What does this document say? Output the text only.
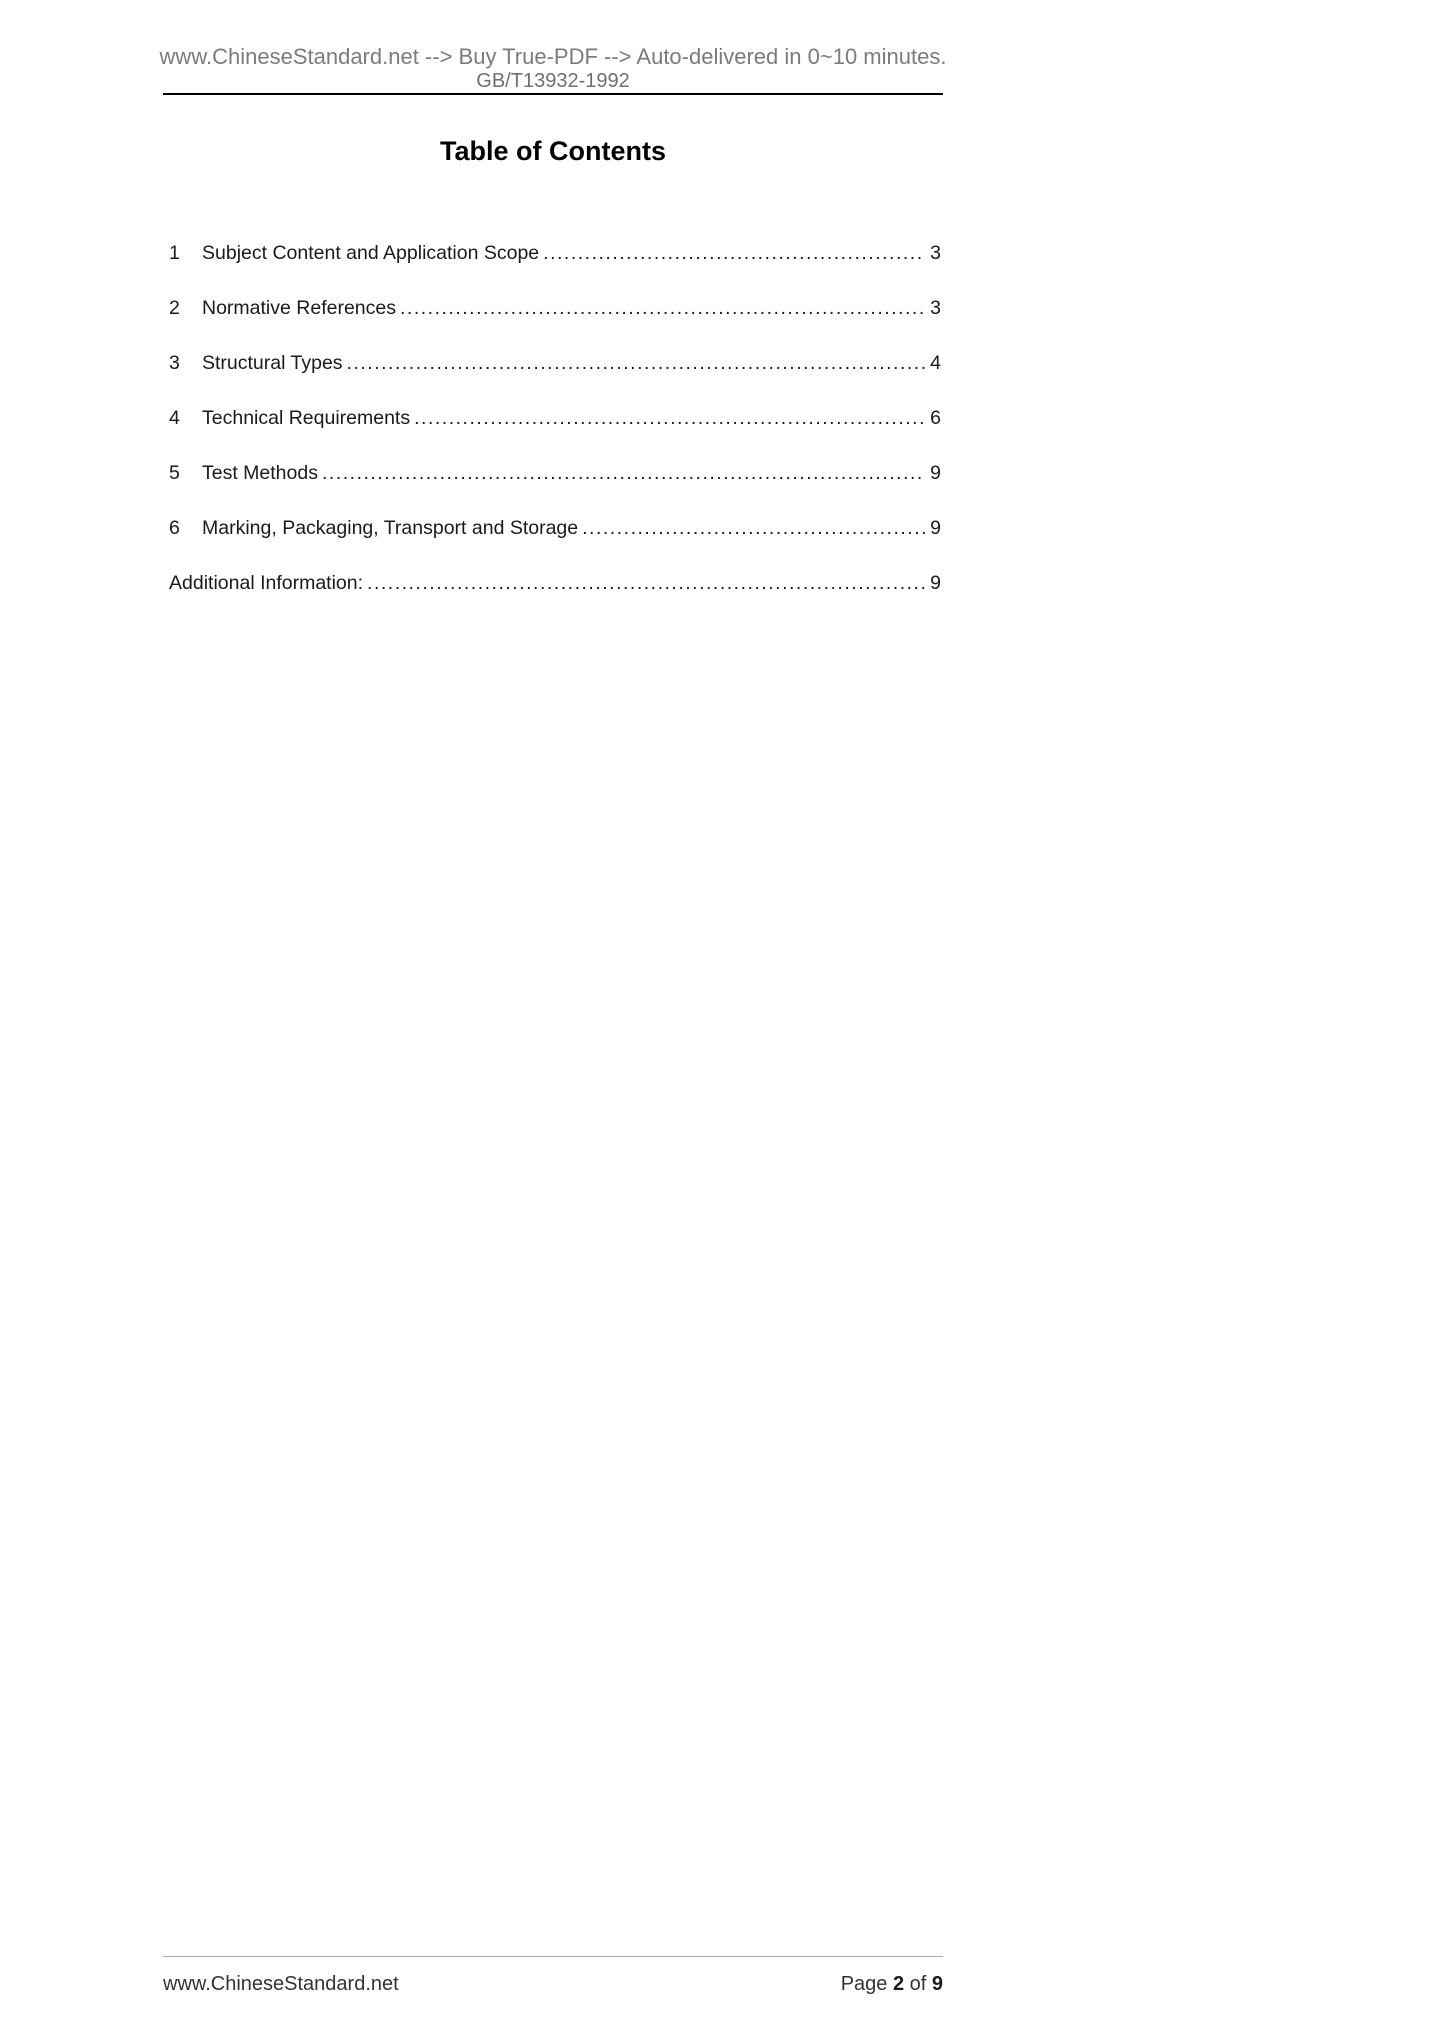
www.ChineseStandard.net --> Buy True-PDF --> Auto-delivered in 0~10 minutes.
GB/T13932-1992
Table of Contents
1	Subject Content and Application Scope .....	3
2	Normative References .....	3
3	Structural Types .....	4
4	Technical Requirements .....	6
5	Test Methods .....	9
6	Marking, Packaging, Transport and Storage .....	9
Additional Information: .....	9
www.ChineseStandard.net	Page 2 of 9
